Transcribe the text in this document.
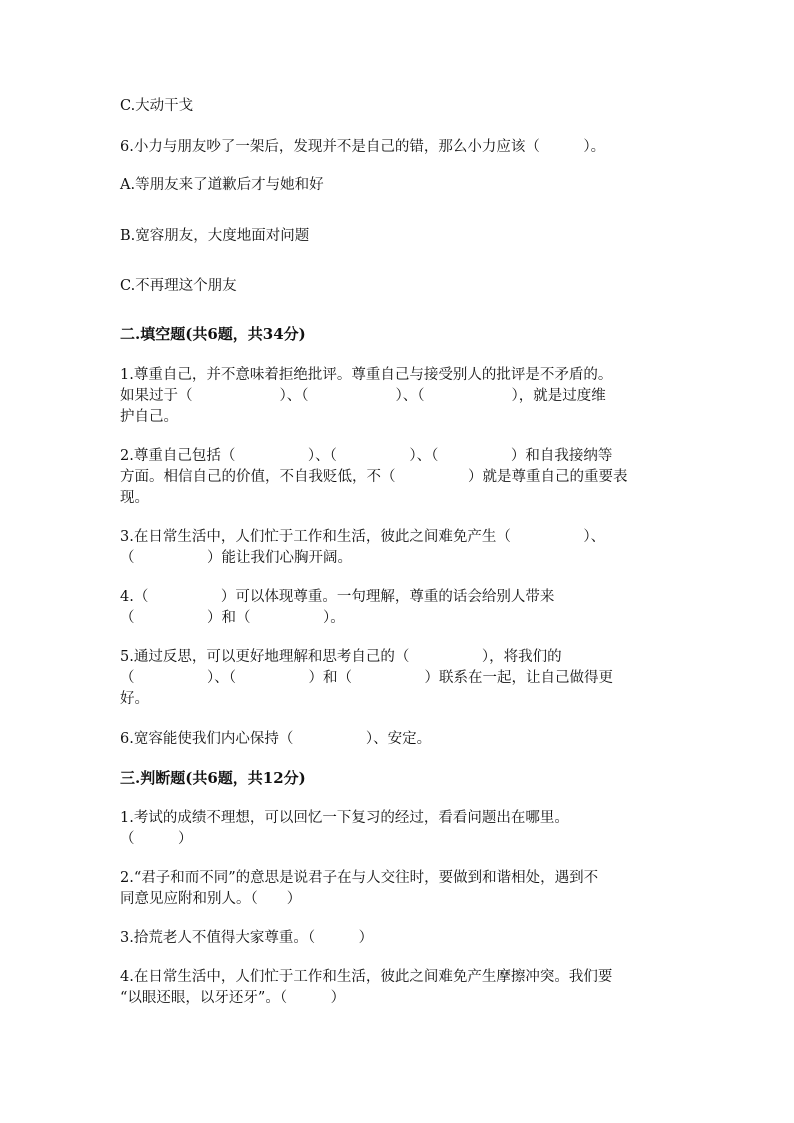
C.大动干戈
6.小力与朋友吵了一架后，发现并不是自己的错，那么小力应该（　　　）。
A.等朋友来了道歉后才与她和好
B.宽容朋友，大度地面对问题
C.不再理这个朋友
二.填空题(共6题，共34分)
1.尊重自己，并不意味着拒绝批评。尊重自己与接受别人的批评是不矛盾的。
如果过于（　　　　　　）、（　　　　　　）、（　　　　　　），就是过度维
护自己。
2.尊重自己包括（　　　　　）、（　　　　　）、（　　　　　）和自我接纳等
方面。相信自己的价值，不自我贬低，不（　　　　　）就是尊重自己的重要表
现。
3.在日常生活中，人们忙于工作和生活，彼此之间难免产生（　　　　　）、
（　　　　　）能让我们心胸开阔。
4.（　　　　　）可以体现尊重。一句理解，尊重的话会给别人带来
（　　　　　）和（　　　　　）。
5.通过反思，可以更好地理解和思考自己的（　　　　　），将我们的
（　　　　　）、（　　　　　）和（　　　　　）联系在一起，让自己做得更
好。
6.宽容能使我们内心保持（　　　　　）、安定。
三.判断题(共6题，共12分)
1.考试的成绩不理想，可以回忆一下复习的经过，看看问题出在哪里。
（　　　）
2.“君子和而不同”的意思是说君子在与人交往时，要做到和谐相处，遇到不
同意见应附和别人。（　　）
3.拾荒老人不值得大家尊重。（　　　）
4.在日常生活中，人们忙于工作和生活，彼此之间难免产生摩擦冲突。我们要
“以眼还眼，以牙还牙”。（　　　）
